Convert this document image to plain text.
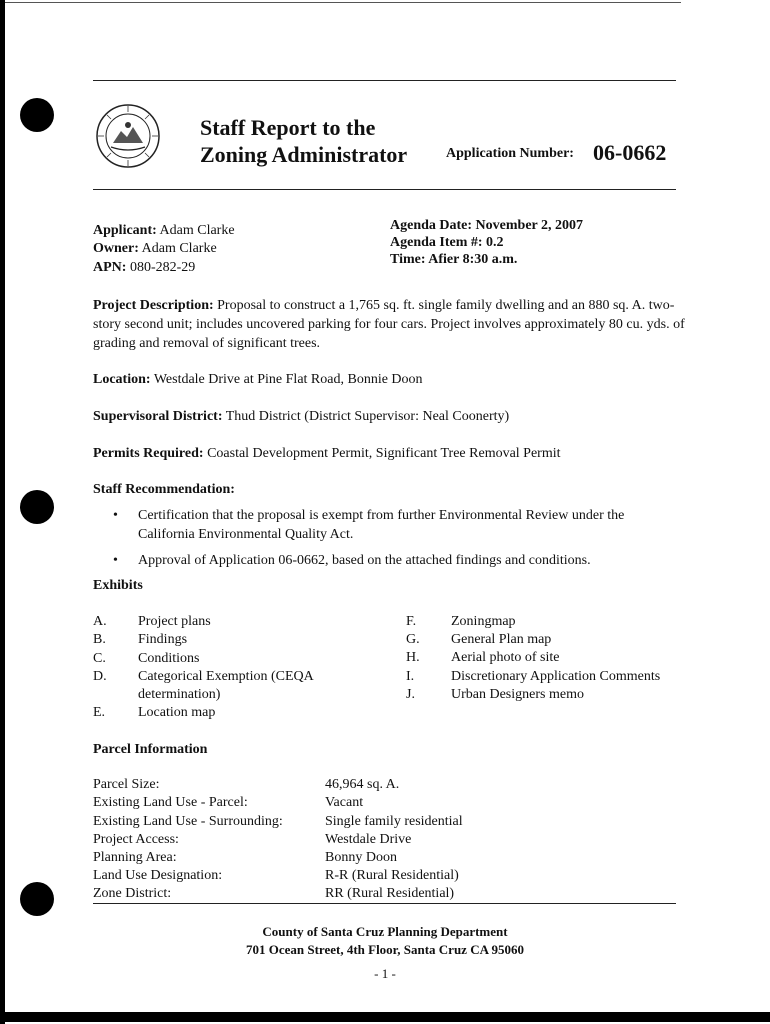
Staff Report to the
Zoning Administrator	Application Number: 06-0662
Applicant: Adam Clarke
Owner: Adam Clarke
APN: 080-282-29
Agenda Date: November 2, 2007
Agenda Item #: 0.2
Time: Afier 8:30 a.m.
Project Description: Proposal to construct a 1,765 sq. ft. single family dwelling and an 880 sq. A. two-story second unit; includes uncovered parking for four cars. Project involves approximately 80 cu. yds. of grading and removal of significant trees.
Location: Westdale Drive at Pine Flat Road, Bonnie Doon
Supervisoral District: Thud District (District Supervisor: Neal Coonerty)
Permits Required: Coastal Development Permit, Significant Tree Removal Permit
Staff Recommendation:
• Certification that the proposal is exempt from further Environmental Review under the California Environmental Quality Act.
• Approval of Application 06-0662, based on the attached findings and conditions.
Exhibits
A. Project plans
B. Findings
C. Conditions
D. Categorical Exemption (CEQA determination)
E. Location map
F. Zoningmap
G. General Plan map
H. Aerial photo of site
I.	Discretionary Application Comments
J.	Urban Designers memo
Parcel Information
Parcel Size:	46,964 sq. A.
Existing Land Use - Parcel:	Vacant
Existing Land Use - Surrounding:	Single family residential
Project Access:	Westdale Drive
Planning Area:	Bonny Doon
Land Use Designation:	R-R (Rural Residential)
Zone District:	RR (Rural Residential)
County of Santa Cruz Planning Department
701 Ocean Street, 4th Floor, Santa Cruz CA 95060
- 1 -
